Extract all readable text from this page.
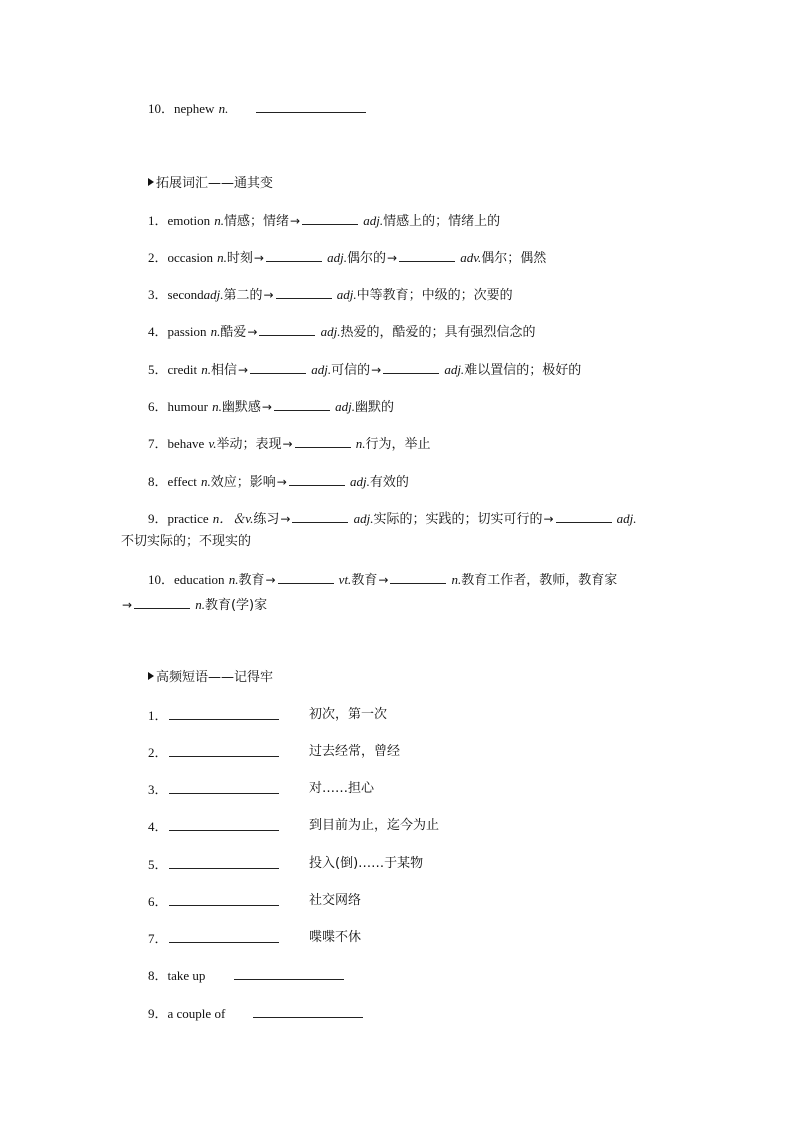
10．nephew n.
拓展词汇——通其变
1．emotion n.情感；情绪→	adj.情感上的；情绪上的
2．occasion n.时刻→	adj.偶尔的→	adv.偶尔；偶然
3．secondadj.第二的→	adj.中等教育；中级的；次要的
4．passion n.酷爱→	adj.热爱的，酷爱的；具有强烈信念的
5．credit n.相信→	adj.可信的→	adj.难以置信的；极好的
6．humour n.幽默感→	adj.幽默的
7．behave v.举动；表现→	n.行为，举止
8．effect n.效应；影响→	adj.有效的
9．practice n．＆v.练习→	adj.实际的；实践的；切实可行的→	adj.
不切实际的；不现实的
10．education n.教育→	vt.教育→	n.教育工作者，教师，教育家
→	n.教育(学)家
高频短语——记得牢
1．	初次，第一次
2．	过去经常，曾经
3．	对……担心
4．	到目前为止，迄今为止
5．	投入(倒)……于某物
6．	社交网络
7．	喋喋不休
8．take up
9．a couple of
